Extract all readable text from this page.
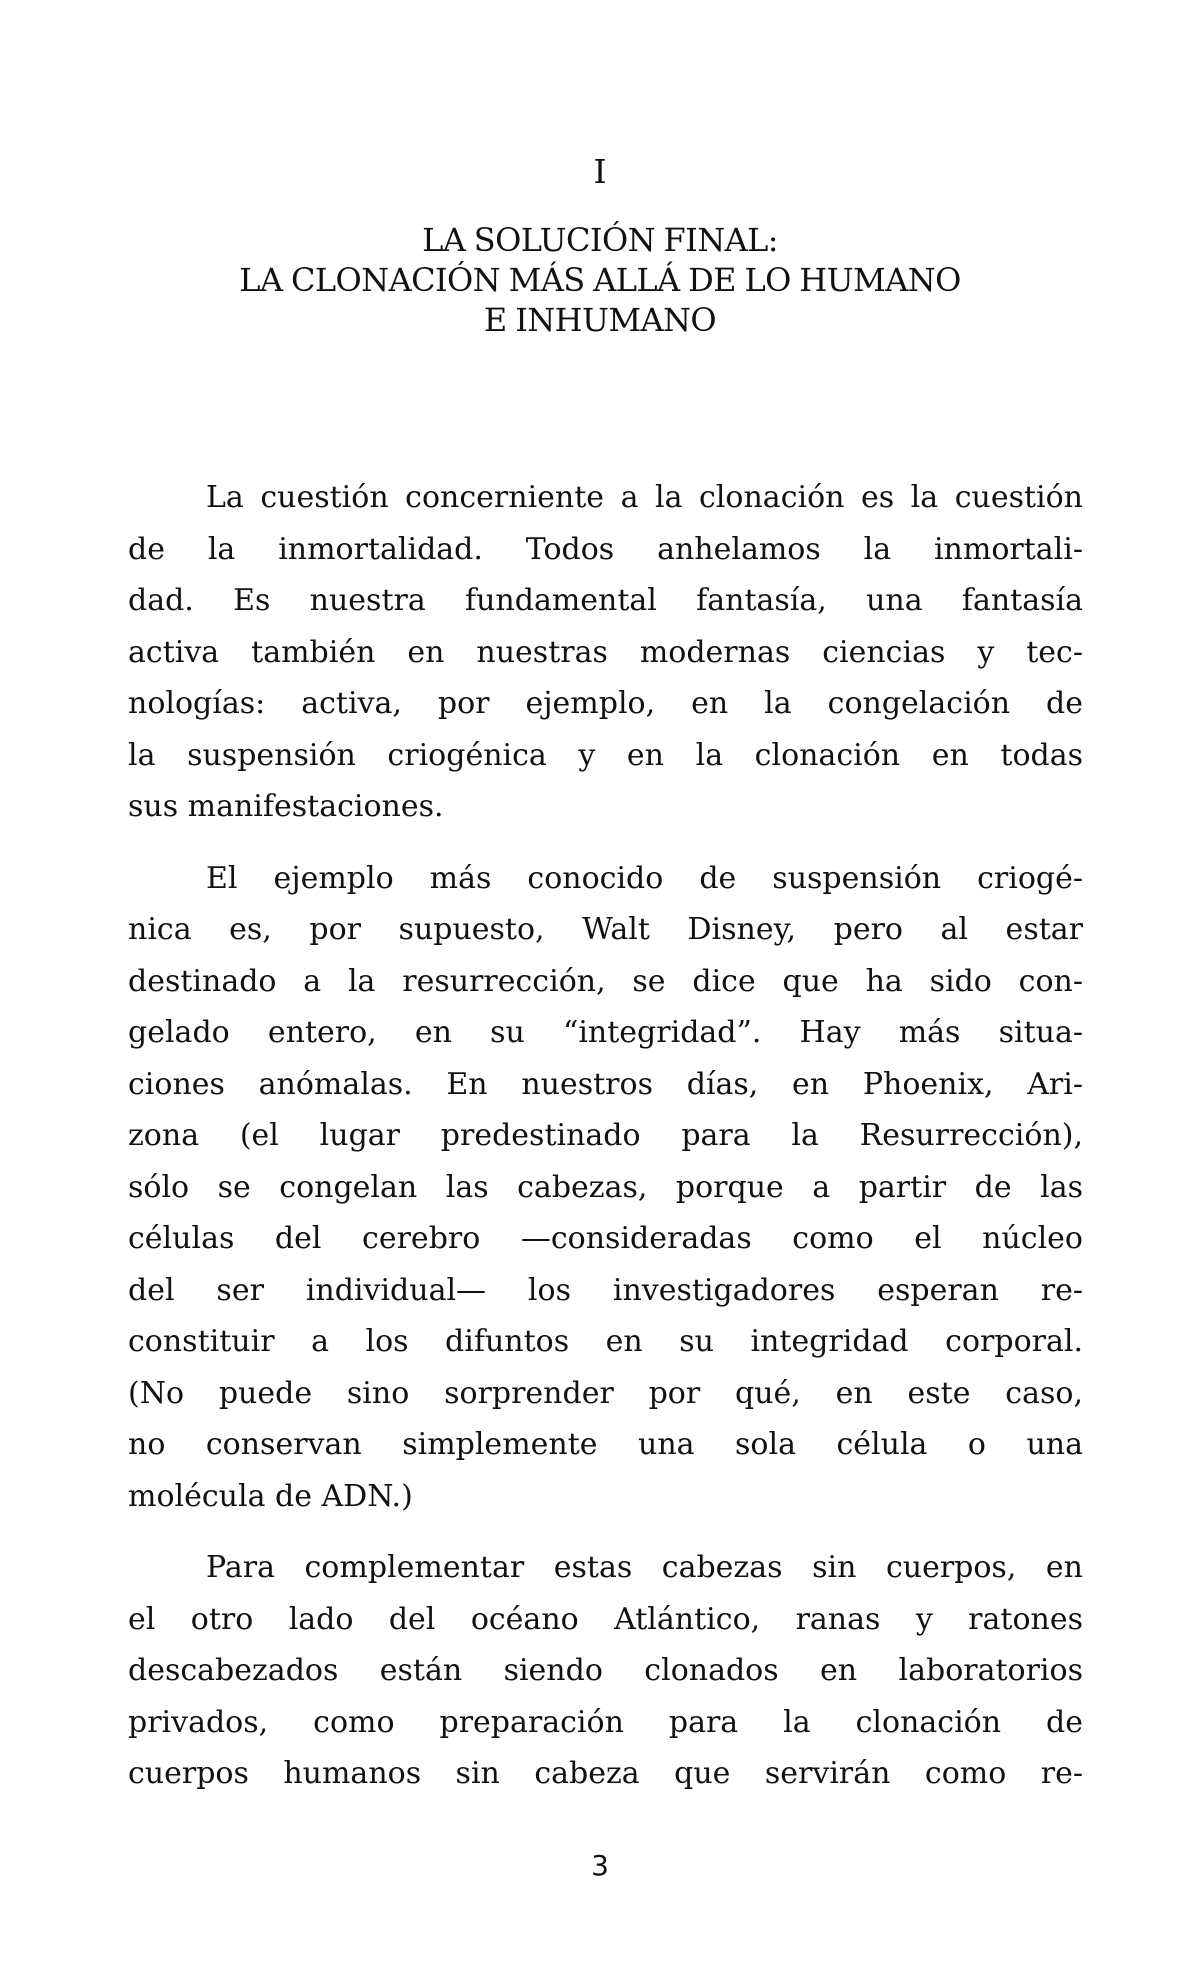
I
LA SOLUCIÓN FINAL:
LA CLONACIÓN MÁS ALLÁ DE LO HUMANO
E INHUMANO

La cuestión concerniente a la clonación es la cuestión
de la inmortalidad. Todos anhelamos la inmortali-
dad. Es nuestra fundamental fantasía, una fantasía
activa también en nuestras modernas ciencias y tec-
nologías: activa, por ejemplo, en la congelación de
la suspensión criogénica y en la clonación en todas
sus manifestaciones.

El ejemplo más conocido de suspensión criogé-
nica es, por supuesto, Walt Disney, pero al estar
destinado a la resurrección, se dice que ha sido con-
gelado entero, en su “integridad”. Hay más situa-
ciones anómalas. En nuestros días, en Phoenix, Ari-
zona (el lugar predestinado para la Resurrección),
sólo se congelan las cabezas, porque a partir de las
células del cerebro —consideradas como el núcleo
del ser individual— los investigadores esperan re-
constituir a los difuntos en su integridad corporal.
(No puede sino sorprender por qué, en este caso,
no conservan simplemente una sola célula o una
molécula de ADN.)

Para complementar estas cabezas sin cuerpos, en
el otro lado del océano Atlántico, ranas y ratones
descabezados están siendo clonados en laboratorios
privados, como preparación para la clonación de
cuerpos humanos sin cabeza que servirán como re-

3
